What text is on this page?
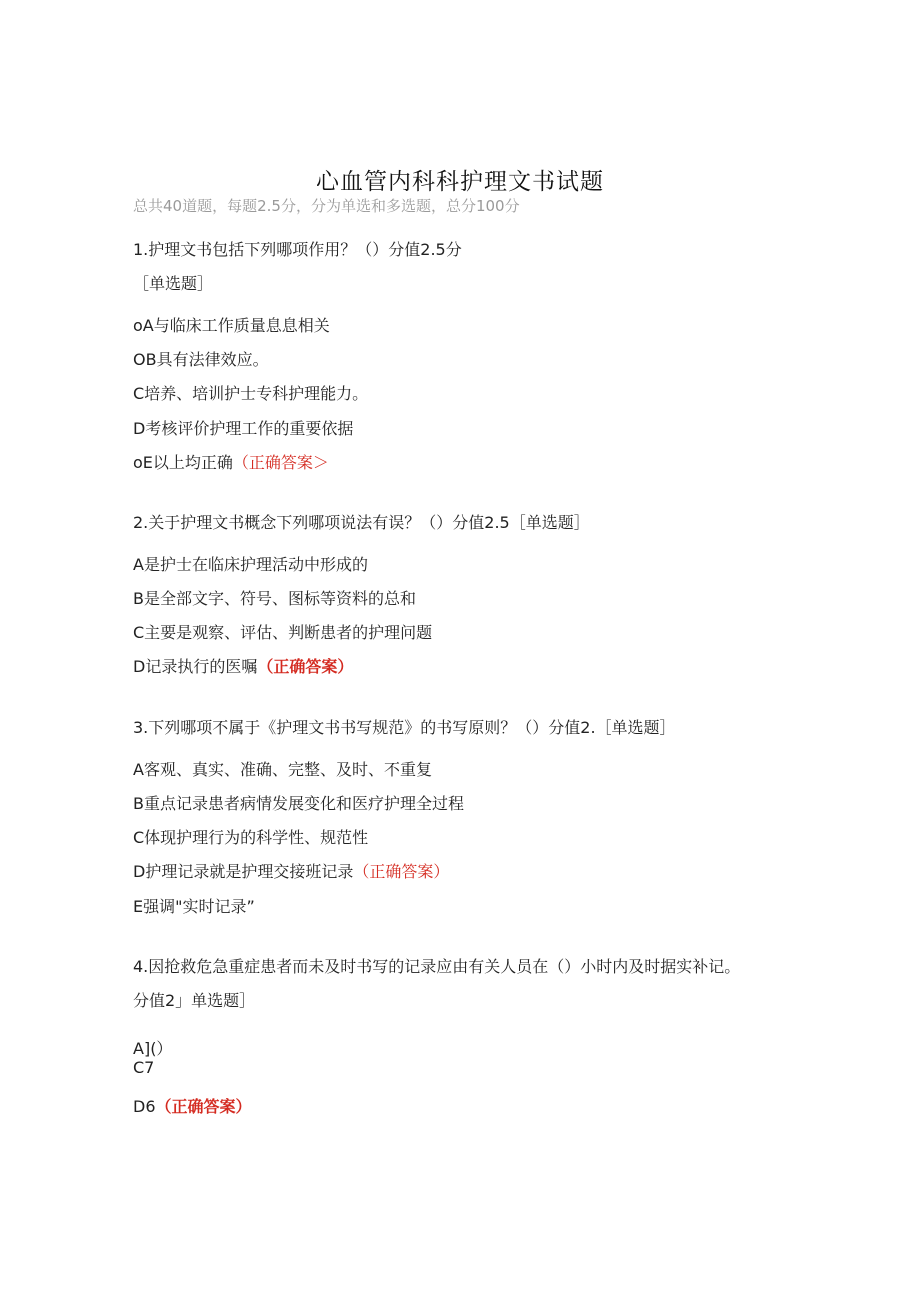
心血管内科科护理文书试题
总共40道题，每题2.5分，分为单选和多选题，总分100分
1.护理文书包括下列哪项作用？（）分值2.5分
［单选题］
oA与临床工作质量息息相关
OB具有法律效应。
C培养、培训护士专科护理能力。
D考核评价护理工作的重要依据
oE以上均正确（正确答案＞
2.关于护理文书概念下列哪项说法有误？（）分值2.5［单选题］
A是护士在临床护理活动中形成的
B是全部文字、符号、图标等资料的总和
C主要是观察、评估、判断患者的护理问题
D记录执行的医嘱（正确答案）
3.下列哪项不属于《护理文书书写规范》的书写原则？（）分值2.［单选题］
A客观、真实、准确、完整、及时、不重复
B重点记录患者病情发展变化和医疗护理全过程
C体现护理行为的科学性、规范性
D护理记录就是护理交接班记录（正确答案）
E强调"实时记录”
4.因抢救危急重症患者而未及时书写的记录应由有关人员在（）小时内及时据实补记。
分值2」单选题］
A](）
C7
D6（正确答案）
